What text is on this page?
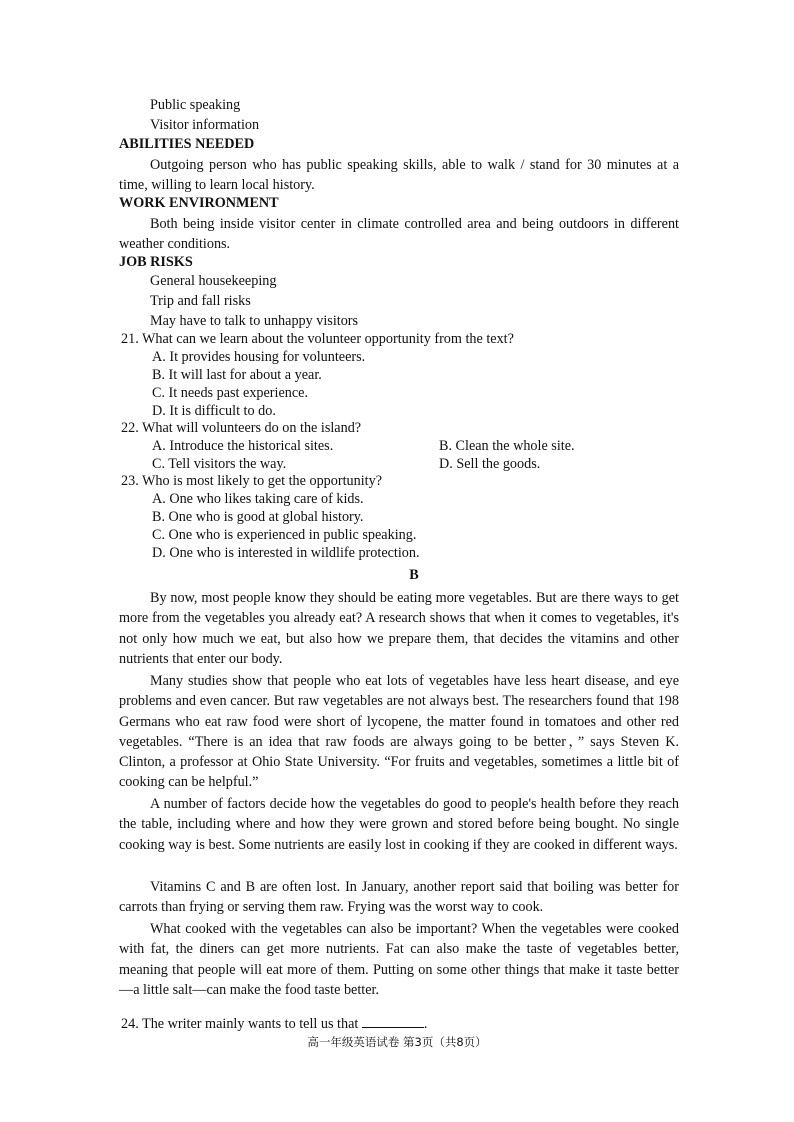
Public speaking
Visitor information
ABILITIES NEEDED
Outgoing person who has public speaking skills, able to walk / stand for 30 minutes at a time, willing to learn local history.
WORK ENVIRONMENT
Both being inside visitor center in climate controlled area and being outdoors in different weather conditions.
JOB RISKS
General housekeeping
Trip and fall risks
May have to talk to unhappy visitors
21. What can we learn about the volunteer opportunity from the text?
A. It provides housing for volunteers.
B. It will last for about a year.
C. It needs past experience.
D. It is difficult to do.
22. What will volunteers do on the island?
A. Introduce the historical sites.	B. Clean the whole site.
C. Tell visitors the way.	D. Sell the goods.
23. Who is most likely to get the opportunity?
A. One who likes taking care of kids.
B. One who is good at global history.
C. One who is experienced in public speaking.
D. One who is interested in wildlife protection.
B
By now, most people know they should be eating more vegetables. But are there ways to get more from the vegetables you already eat? A research shows that when it comes to vegetables, it's not only how much we eat, but also how we prepare them, that decides the vitamins and other nutrients that enter our body.
Many studies show that people who eat lots of vegetables have less heart disease, and eye problems and even cancer. But raw vegetables are not always best. The researchers found that 198 Germans who eat raw food were short of lycopene, the matter found in tomatoes and other red vegetables. “There is an idea that raw foods are always going to be better，” says Steven K. Clinton, a professor at Ohio State University. “For fruits and vegetables, sometimes a little bit of cooking can be helpful.”
A number of factors decide how the vegetables do good to people's health before they reach the table, including where and how they were grown and stored before being bought. No single cooking way is best. Some nutrients are easily lost in cooking if they are cooked in different ways.
Vitamins C and B are often lost. In January, another report said that boiling was better for carrots than frying or serving them raw. Frying was the worst way to cook.
What cooked with the vegetables can also be important? When the vegetables were cooked with fat, the diners can get more nutrients. Fat can also make the taste of vegetables better, meaning that people will eat more of them. Putting on some other things that make it taste better—a little salt—can make the food taste better.
24. The writer mainly wants to tell us that	.
高一年级英语试卷 第3页（共8页）
